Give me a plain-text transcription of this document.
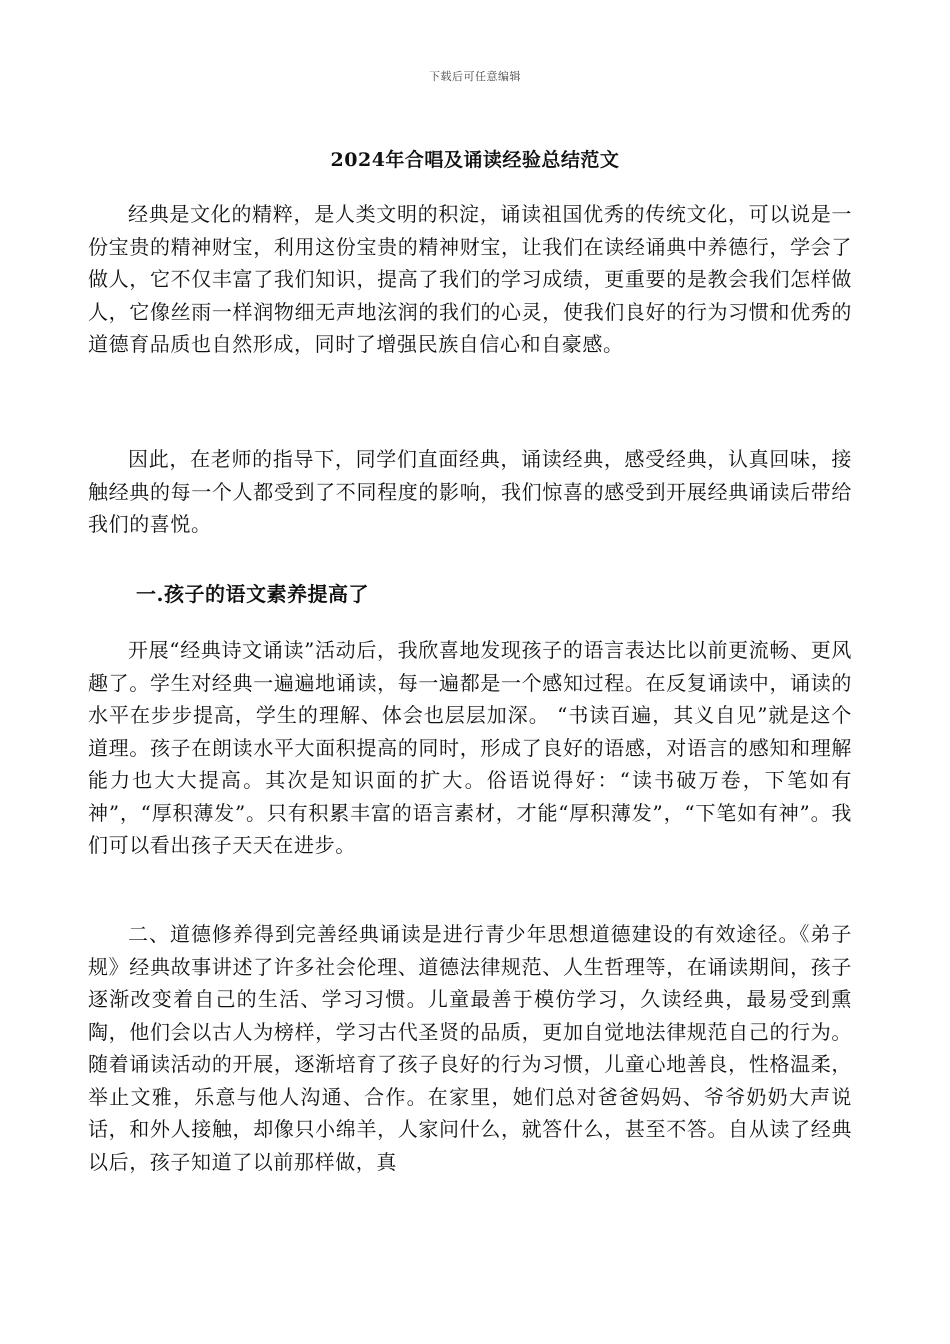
下载后可任意编辑
2024年合唱及诵读经验总结范文

经典是文化的精粹，是人类文明的积淀，诵读祖国优秀的传统文化，可以说是一份宝贵的精神财宝，利用这份宝贵的精神财宝，让我们在读经诵典中养德行，学会了做人，它不仅丰富了我们知识，提高了我们的学习成绩，更重要的是教会我们怎样做人，它像丝雨一样润物细无声地泫润的我们的心灵，使我们良好的行为习惯和优秀的道德育品质也自然形成，同时了增强民族自信心和自豪感。

因此，在老师的指导下，同学们直面经典，诵读经典，感受经典，认真回味，接触经典的每一个人都受到了不同程度的影响，我们惊喜的感受到开展经典诵读后带给我们的喜悦。

一.孩子的语文素养提高了

开展“经典诗文诵读”活动后，我欣喜地发现孩子的语言表达比以前更流畅、更风趣了。学生对经典一遍遍地诵读，每一遍都是一个感知过程。在反复诵读中，诵读的水平在步步提高，学生的理解、体会也层层加深。 “书读百遍，其义自见”就是这个道理。孩子在朗读水平大面积提高的同时，形成了良好的语感，对语言的感知和理解能力也大大提高。其次是知识面的扩大。俗语说得好：“读书破万卷，下笔如有神”，“厚积薄发”。只有积累丰富的语言素材，才能“厚积薄发”，“下笔如有神”。我们可以看出孩子天天在进步。

二、道德修养得到完善经典诵读是进行青少年思想道德建设的有效途径。《弟子规》经典故事讲述了许多社会伦理、道德法律规范、人生哲理等，在诵读期间，孩子逐渐改变着自己的生活、学习习惯。儿童最善于模仿学习，久读经典，最易受到熏陶，他们会以古人为榜样，学习古代圣贤的品质，更加自觉地法律规范自己的行为。随着诵读活动的开展，逐渐培育了孩子良好的行为习惯，儿童心地善良，性格温柔，举止文雅，乐意与他人沟通、合作。在家里，她们总对爸爸妈妈、爷爷奶奶大声说话，和外人接触，却像只小绵羊，人家问什么，就答什么，甚至不答。自从读了经典以后，孩子知道了以前那样做，真
